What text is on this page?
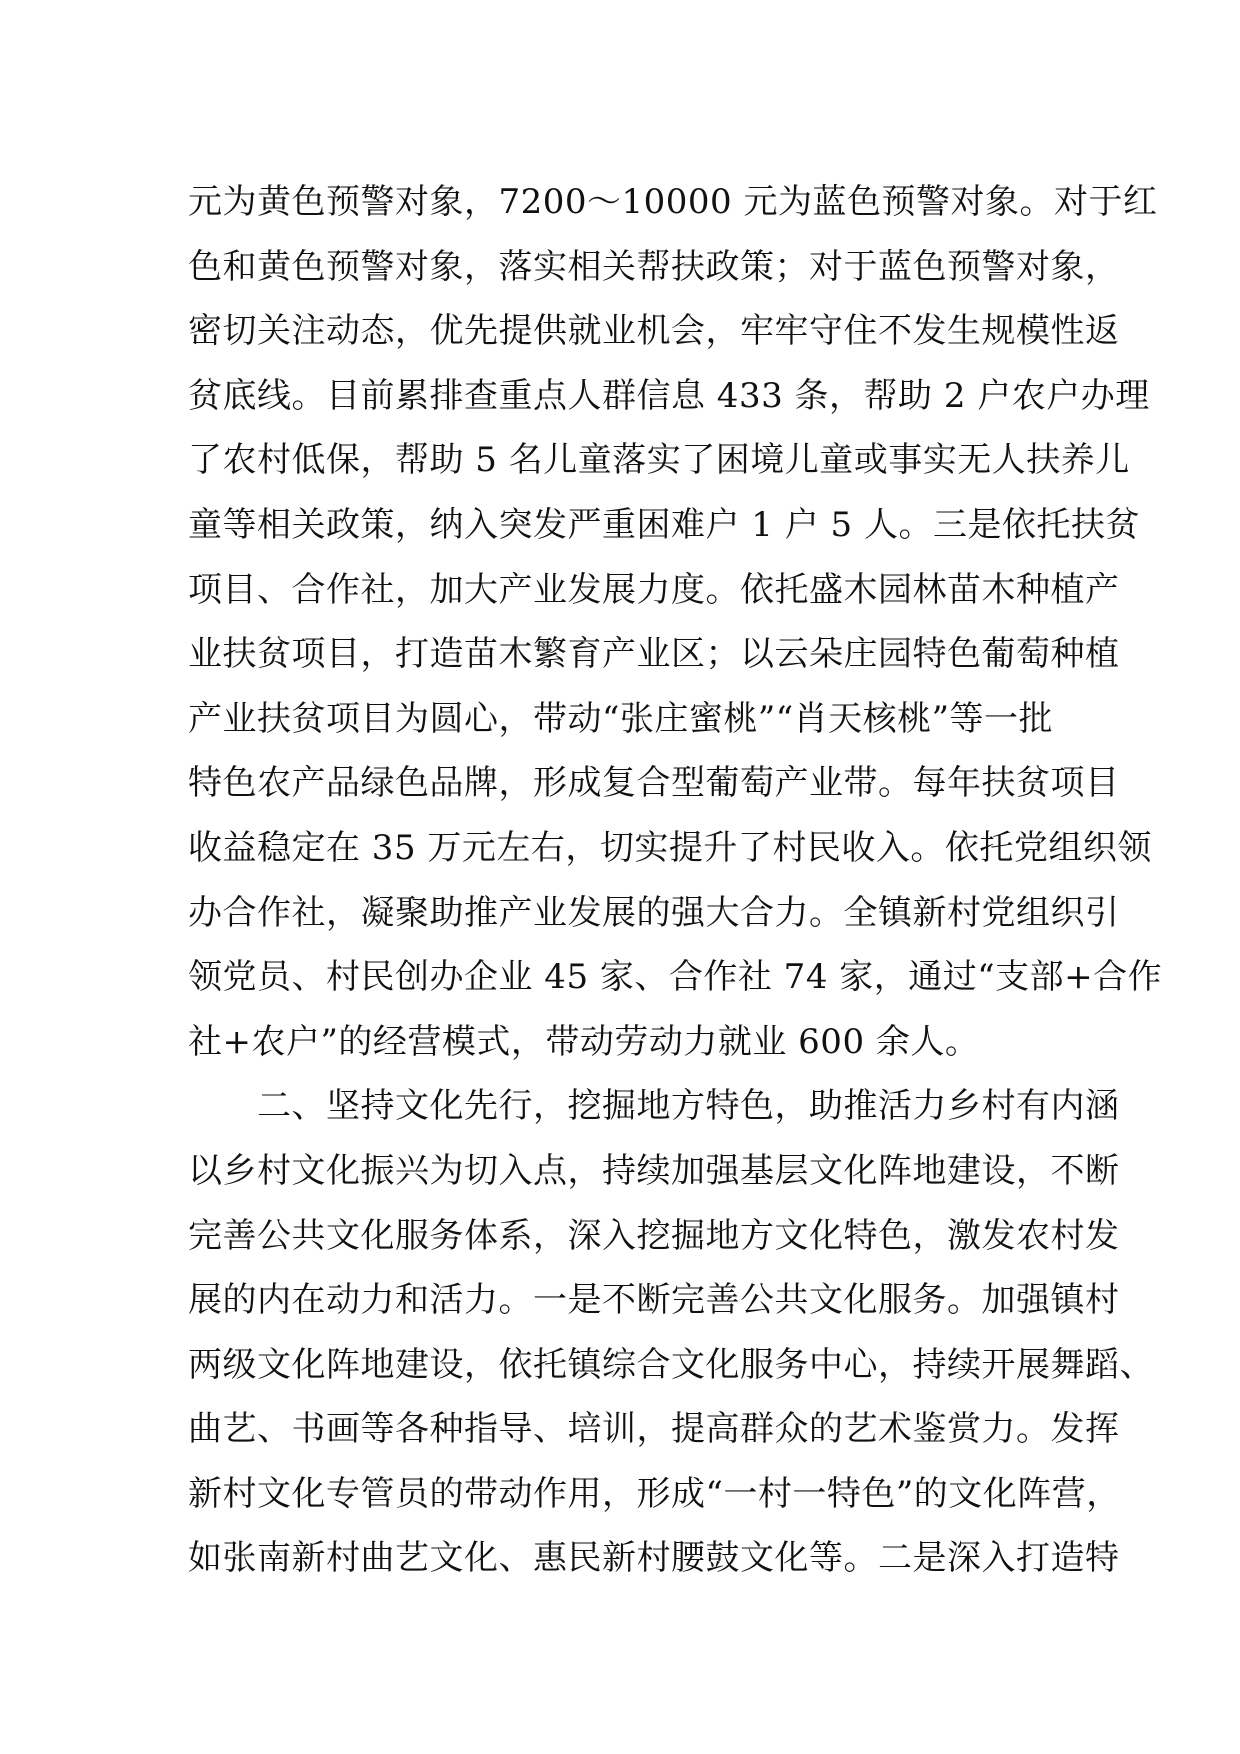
元为黄色预警对象，7200～10000 元为蓝色预警对象。对于红
色和黄色预警对象，落实相关帮扶政策；对于蓝色预警对象，
密切关注动态，优先提供就业机会，牢牢守住不发生规模性返
贫底线。目前累排查重点人群信息 433 条，帮助 2 户农户办理
了农村低保，帮助 5 名儿童落实了困境儿童或事实无人扶养儿
童等相关政策，纳入突发严重困难户 1 户 5 人。三是依托扶贫
项目、合作社，加大产业发展力度。依托盛木园林苗木种植产
业扶贫项目，打造苗木繁育产业区；以云朵庄园特色葡萄种植
产业扶贫项目为圆心，带动“张庄蜜桃”“肖天核桃”等一批
特色农产品绿色品牌，形成复合型葡萄产业带。每年扶贫项目
收益稳定在 35 万元左右，切实提升了村民收入。依托党组织领
办合作社，凝聚助推产业发展的强大合力。全镇新村党组织引
领党员、村民创办企业 45 家、合作社 74 家，通过“支部+合作
社+农户”的经营模式，带动劳动力就业 600 余人。
　　二、坚持文化先行，挖掘地方特色，助推活力乡村有内涵
以乡村文化振兴为切入点，持续加强基层文化阵地建设，不断
完善公共文化服务体系，深入挖掘地方文化特色，激发农村发
展的内在动力和活力。一是不断完善公共文化服务。加强镇村
两级文化阵地建设，依托镇综合文化服务中心，持续开展舞蹈、
曲艺、书画等各种指导、培训，提高群众的艺术鉴赏力。发挥
新村文化专管员的带动作用，形成“一村一特色”的文化阵营，
如张南新村曲艺文化、惠民新村腰鼓文化等。二是深入打造特
